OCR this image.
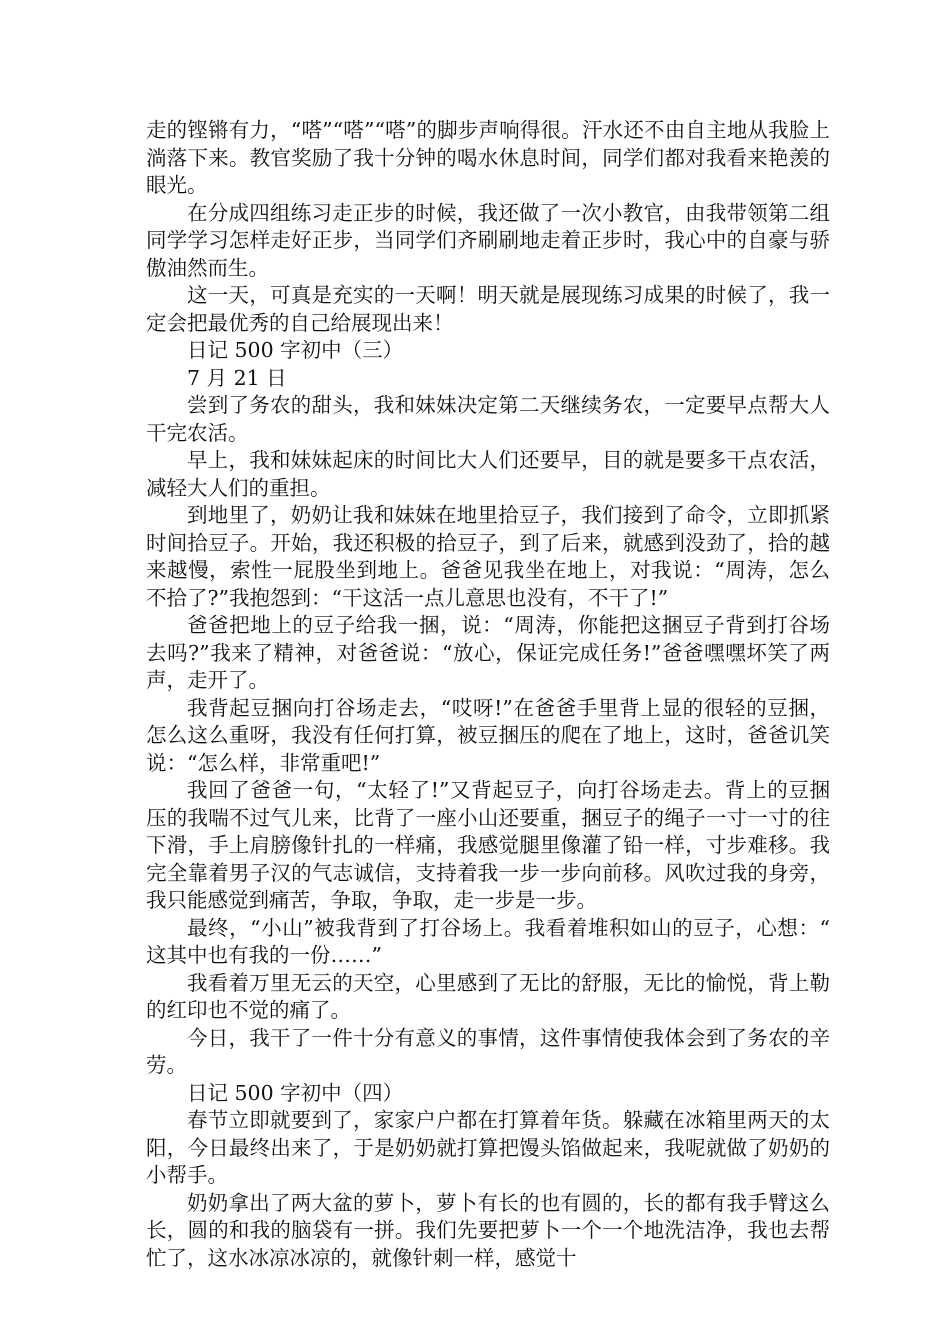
走的铿锵有力，“嗒”“嗒”“嗒”的脚步声响得很。汗水还不由自主地从我脸上淌落下来。教官奖励了我十分钟的喝水休息时间，同学们都对我看来艳羡的眼光。

在分成四组练习走正步的时候，我还做了一次小教官，由我带领第二组同学学习怎样走好正步，当同学们齐刷刷地走着正步时，我心中的自豪与骄傲油然而生。

这一天，可真是充实的一天啊！明天就是展现练习成果的时候了，我一定会把最优秀的自己给展现出来！

日记 500 字初中（三）

7 月 21 日

尝到了务农的甜头，我和妹妹决定第二天继续务农，一定要早点帮大人干完农活。

早上，我和妹妹起床的时间比大人们还要早，目的就是要多干点农活，减轻大人们的重担。

到地里了，奶奶让我和妹妹在地里拾豆子，我们接到了命令，立即抓紧时间拾豆子。开始，我还积极的拾豆子，到了后来，就感到没劲了，拾的越来越慢，索性一屁股坐到地上。爸爸见我坐在地上，对我说：“周涛，怎么不拾了?”我抱怨到：“干这活一点儿意思也没有，不干了!”

爸爸把地上的豆子给我一捆，说：“周涛，你能把这捆豆子背到打谷场去吗?”我来了精神，对爸爸说：“放心，保证完成任务!”爸爸嘿嘿坏笑了两声，走开了。

我背起豆捆向打谷场走去，“哎呀!”在爸爸手里背上显的很轻的豆捆，怎么这么重呀，我没有任何打算，被豆捆压的爬在了地上，这时，爸爸讥笑说：“怎么样，非常重吧!”

我回了爸爸一句，“太轻了!”又背起豆子，向打谷场走去。背上的豆捆压的我喘不过气儿来，比背了一座小山还要重，捆豆子的绳子一寸一寸的往下滑，手上肩膀像针扎的一样痛，我感觉腿里像灌了铅一样，寸步难移。我完全靠着男子汉的气志诚信，支持着我一步一步向前移。风吹过我的身旁，我只能感觉到痛苦，争取，争取，走一步是一步。

最终，“小山”被我背到了打谷场上。我看着堆积如山的豆子，心想：“这其中也有我的一份……”

我看着万里无云的天空，心里感到了无比的舒服，无比的愉悦，背上勒的红印也不觉的痛了。

今日，我干了一件十分有意义的事情，这件事情使我体会到了务农的辛劳。

日记 500 字初中（四）

春节立即就要到了，家家户户都在打算着年货。躲藏在冰箱里两天的太阳，今日最终出来了，于是奶奶就打算把馒头馅做起来，我呢就做了奶奶的小帮手。

奶奶拿出了两大盆的萝卜，萝卜有长的也有圆的，长的都有我手臂这么长，圆的和我的脑袋有一拼。我们先要把萝卜一个一个地洗洁净，我也去帮忙了，这水冰凉冰凉的，就像针刺一样，感觉十
